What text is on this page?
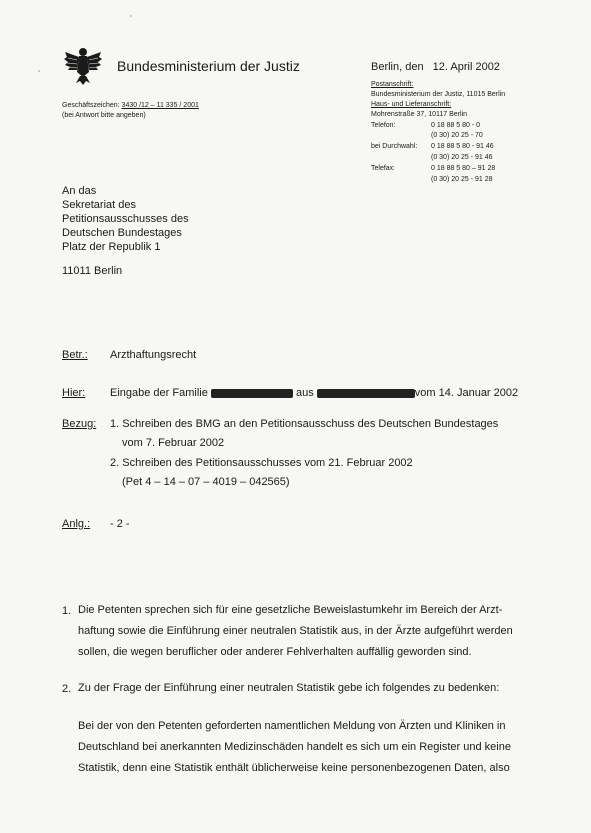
Bundesministerium der Justiz
Geschäftszeichen: 3430 /12 – 11 335 / 2001
(bei Antwort bitte angeben)
Berlin, den 12. April 2002
Postanschrift:
Bundesministerium der Justiz, 11015 Berlin
Haus- und Lieferanschrift:
Mohrenstraße 37, 10117 Berlin
Telefon:	0 18 88 5 80 - 0
(0 30) 20 25 - 70
bei Durchwahl: 0 18 88 5 80 - 91 46
(0 30) 20 25 - 91 46
Telefax:	0 18 88 5 80 – 91 28
(0 30) 20 25 - 91 28
An das
Sekretariat des
Petitionsausschusses des
Deutschen Bundestages
Platz der Republik 1
11011 Berlin
Betr.: Arzthaftungsrecht
Hier: Eingabe der Familie	aus	vom 14. Januar 2002
Bezug: 1. Schreiben des BMG an den Petitionsausschuss des Deutschen Bundestages
vom 7. Februar 2002
2. Schreiben des Petitionsausschusses vom 21. Februar 2002
(Pet 4 – 14 – 07 – 4019 – 042565)
Anlg.: - 2 -
1. Die Petenten sprechen sich für eine gesetzliche Beweislastumkehr im Bereich der Arzthaftung sowie die Einführung einer neutralen Statistik aus, in der Ärzte aufgeführt werden sollen, die wegen beruflicher oder anderer Fehlverhalten auffällig geworden sind.
2. Zu der Frage der Einführung einer neutralen Statistik gebe ich folgendes zu bedenken:
Bei der von den Petenten geforderten namentlichen Meldung von Ärzten und Kliniken in Deutschland bei anerkannten Medizinschäden handelt es sich um ein Register und keine Statistik, denn eine Statistik enthält üblicherweise keine personenbezogenen Daten, also
